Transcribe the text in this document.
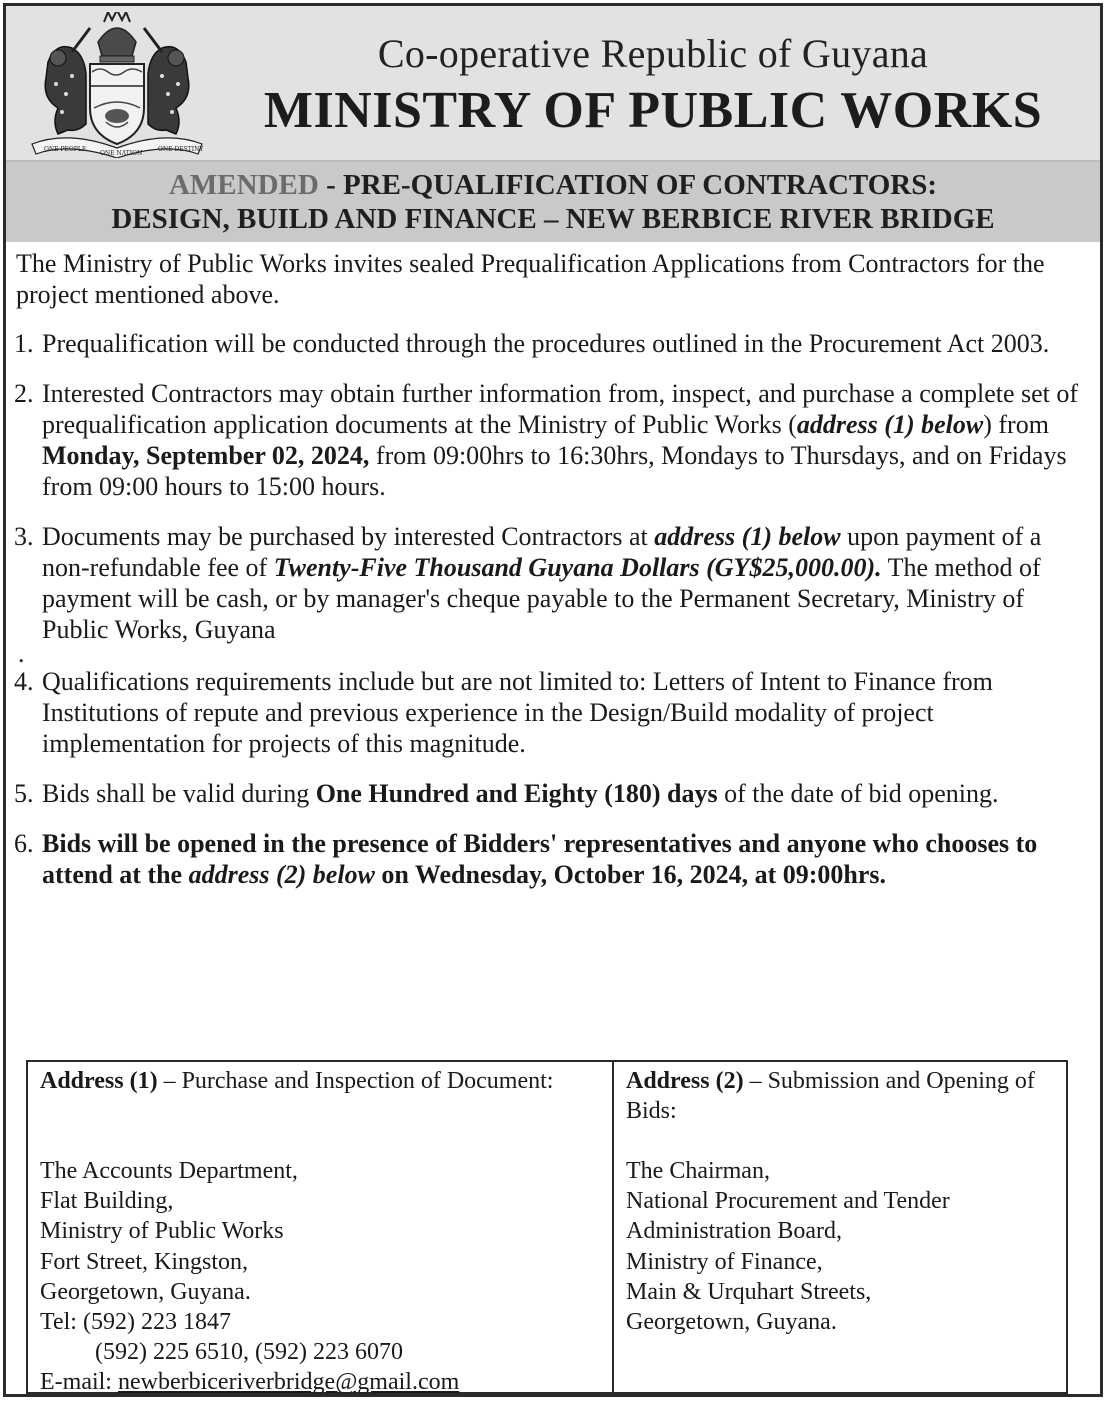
ONE PEOPLE
ONE NATION
ONE DESTINY
Co-operative Republic of Guyana
MINISTRY OF PUBLIC WORKS
AMENDED - PRE-QUALIFICATION OF CONTRACTORS:
DESIGN, BUILD AND FINANCE – NEW BERBICE RIVER BRIDGE
The Ministry of Public Works invites sealed Prequalification Applications from Contractors for the project mentioned above.
1. Prequalification will be conducted through the procedures outlined in the Procurement Act 2003.
2. Interested Contractors may obtain further information from, inspect, and purchase a complete set of prequalification application documents at the Ministry of Public Works (address (1) below) from Monday, September 02, 2024, from 09:00hrs to 16:30hrs, Mondays to Thursdays, and on Fridays from 09:00 hours to 15:00 hours.
3. Documents may be purchased by interested Contractors at address (1) below upon payment of a non-refundable fee of Twenty-Five Thousand Guyana Dollars (GY$25,000.00). The method of payment will be cash, or by manager's cheque payable to the Permanent Secretary, Ministry of Public Works, Guyana
.
4. Qualifications requirements include but are not limited to: Letters of Intent to Finance from Institutions of repute and previous experience in the Design/Build modality of project implementation for projects of this magnitude.
5. Bids shall be valid during One Hundred and Eighty (180) days of the date of bid opening.
6. Bids will be opened in the presence of Bidders' representatives and anyone who chooses to attend at the address (2) below on Wednesday, October 16, 2024, at 09:00hrs.
Address (1) – Purchase and Inspection of Document:
The Accounts Department,
Flat Building,
Ministry of Public Works
Fort Street, Kingston,
Georgetown, Guyana.
Tel: (592) 223 1847
(592) 225 6510, (592) 223 6070
E-mail: newberbiceriverbridge@gmail.com
Address (2) – Submission and Opening of Bids:
The Chairman,
National Procurement and Tender
Administration Board,
Ministry of Finance,
Main & Urquhart Streets,
Georgetown, Guyana.
